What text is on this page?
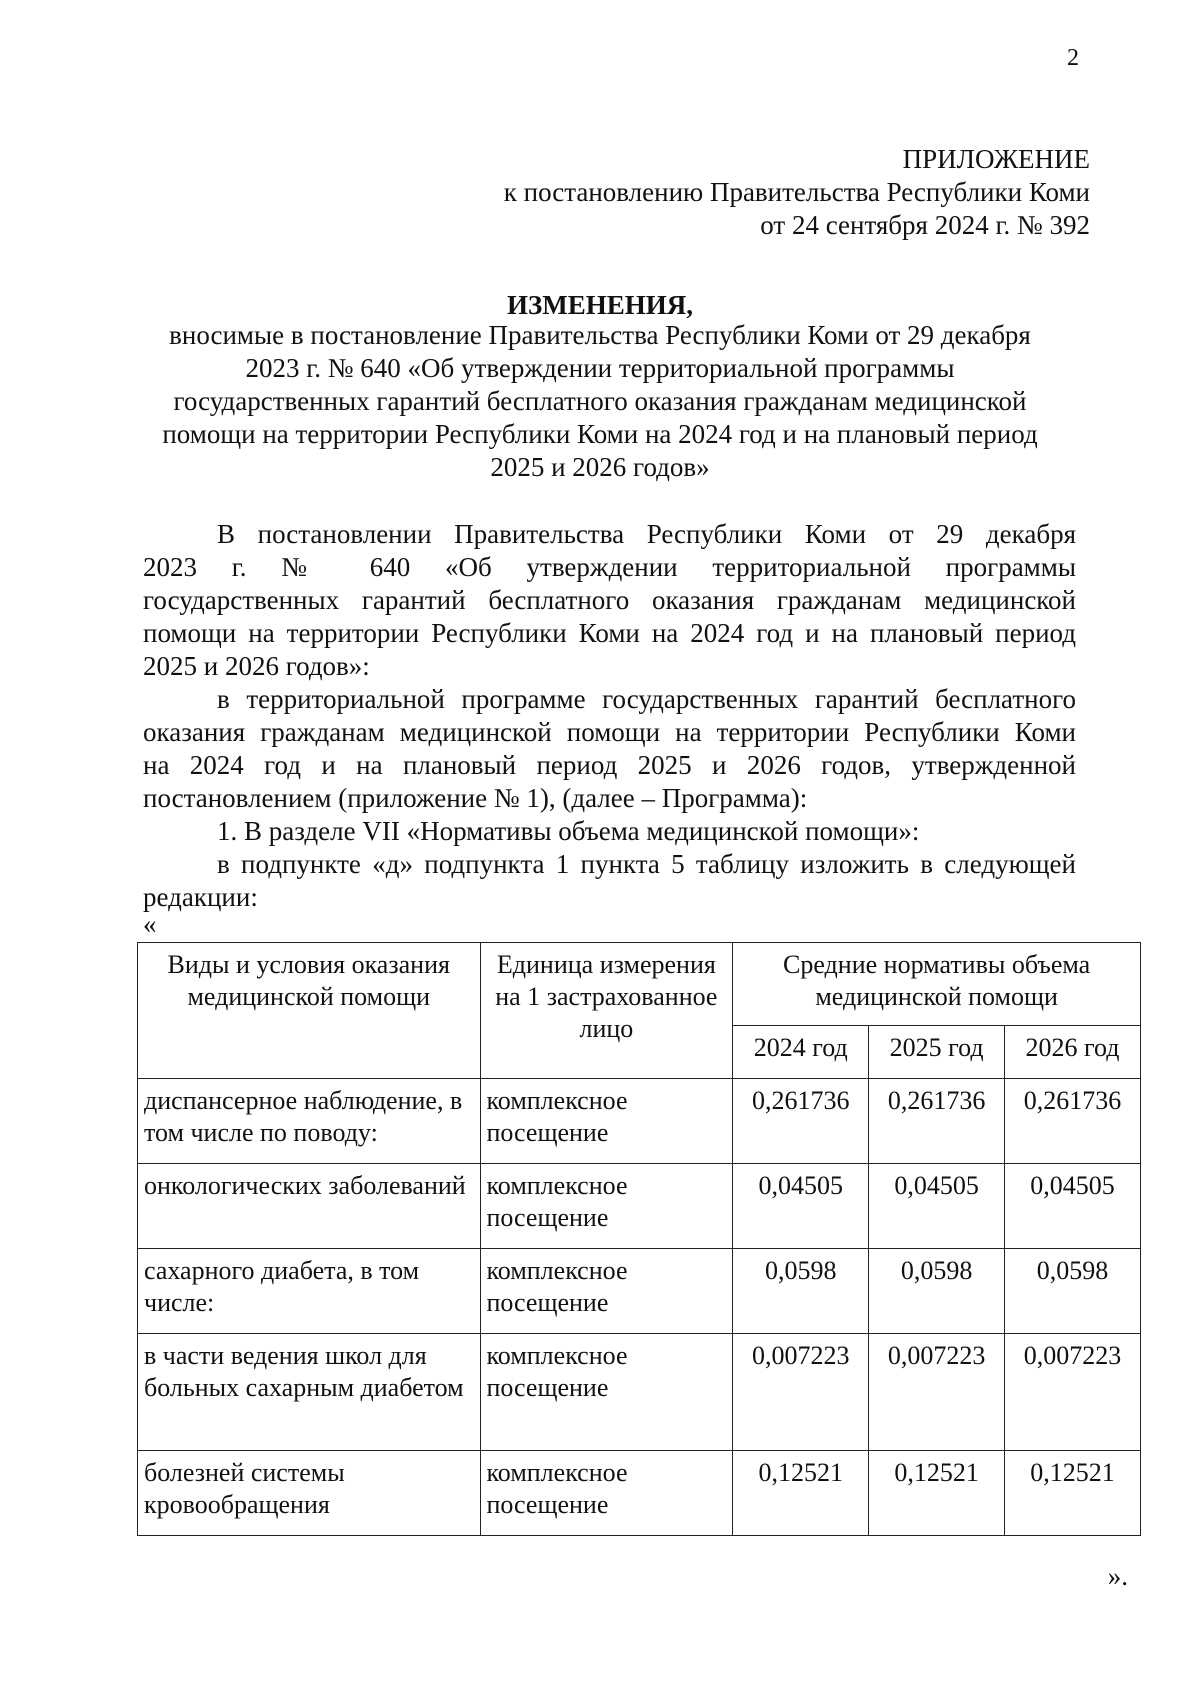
2
ПРИЛОЖЕНИЕ
к постановлению Правительства Республики Коми
от 24 сентября 2024 г. № 392
ИЗМЕНЕНИЯ,
вносимые в постановление Правительства Республики Коми от 29 декабря
2023 г. № 640 «Об утверждении территориальной программы
государственных гарантий бесплатного оказания гражданам медицинской
помощи на территории Республики Коми на 2024 год и на плановый период
2025 и 2026 годов»
В постановлении Правительства Республики Коми от 29 декабря
2023 г. № 640 «Об утверждении территориальной программы
государственных гарантий бесплатного оказания гражданам медицинской
помощи на территории Республики Коми на 2024 год и на плановый период
2025 и 2026 годов»:
в территориальной программе государственных гарантий бесплатного
оказания гражданам медицинской помощи на территории Республики Коми
на 2024 год и на плановый период 2025 и 2026 годов, утвержденной
постановлением (приложение № 1), (далее – Программа):
1. В разделе VII «Нормативы объема медицинской помощи»:
в подпункте «д» подпункта 1 пункта 5 таблицу изложить в следующей
редакции:
«
Виды и условия оказания медицинской помощи	Единица измерения на 1 застрахованное лицо	Средние нормативы объема медицинской помощи		
		2024 год	2025 год	2026 год
диспансерное наблюдение, в том числе по поводу:	комплексное посещение	0,261736	0,261736	0,261736
онкологических заболеваний	комплексное посещение	0,04505	0,04505	0,04505
сахарного диабета, в том числе:	комплексное посещение	0,0598	0,0598	0,0598
в части ведения школ для больных сахарным диабетом	комплексное посещение	0,007223	0,007223	0,007223
болезней системы кровообращения	комплексное посещение	0,12521	0,12521	0,12521
».
